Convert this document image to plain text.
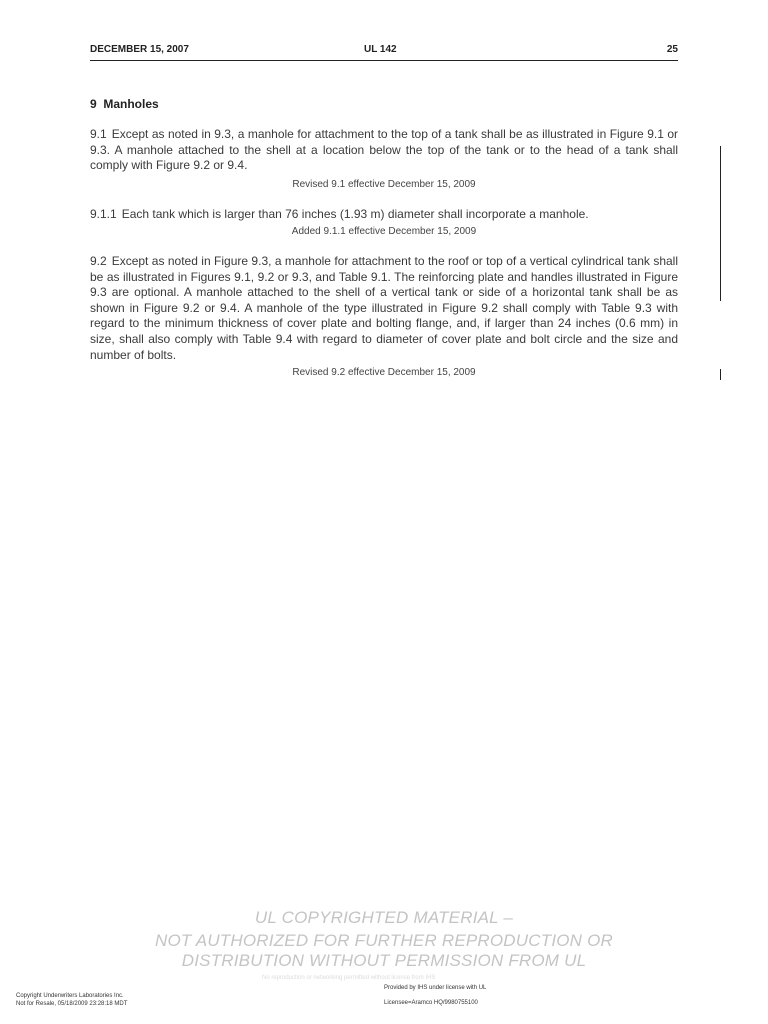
DECEMBER 15, 2007	UL 142	25
9  Manholes
9.1 Except as noted in 9.3, a manhole for attachment to the top of a tank shall be as illustrated in Figure 9.1 or 9.3. A manhole attached to the shell at a location below the top of the tank or to the head of a tank shall comply with Figure 9.2 or 9.4.
Revised 9.1 effective December 15, 2009
9.1.1 Each tank which is larger than 76 inches (1.93 m) diameter shall incorporate a manhole.
Added 9.1.1 effective December 15, 2009
9.2 Except as noted in Figure 9.3, a manhole for attachment to the roof or top of a vertical cylindrical tank shall be as illustrated in Figures 9.1, 9.2 or 9.3, and Table 9.1. The reinforcing plate and handles illustrated in Figure 9.3 are optional. A manhole attached to the shell of a vertical tank or side of a horizontal tank shall be as shown in Figure 9.2 or 9.4. A manhole of the type illustrated in Figure 9.2 shall comply with Table 9.3 with regard to the minimum thickness of cover plate and bolting flange, and, if larger than 24 inches (0.6 mm) in size, shall also comply with Table 9.4 with regard to diameter of cover plate and bolt circle and the size and number of bolts.
Revised 9.2 effective December 15, 2009
UL COPYRIGHTED MATERIAL –
NOT AUTHORIZED FOR FURTHER REPRODUCTION OR
DISTRIBUTION WITHOUT PERMISSION FROM UL
No reproduction or networking permitted without license from IHS
Copyright Underwriters Laboratories Inc.
Not for Resale, 05/18/2009 23:28:18 MDT
Provided by IHS under license with UL
Licensee=Aramco HQ/9980755100
